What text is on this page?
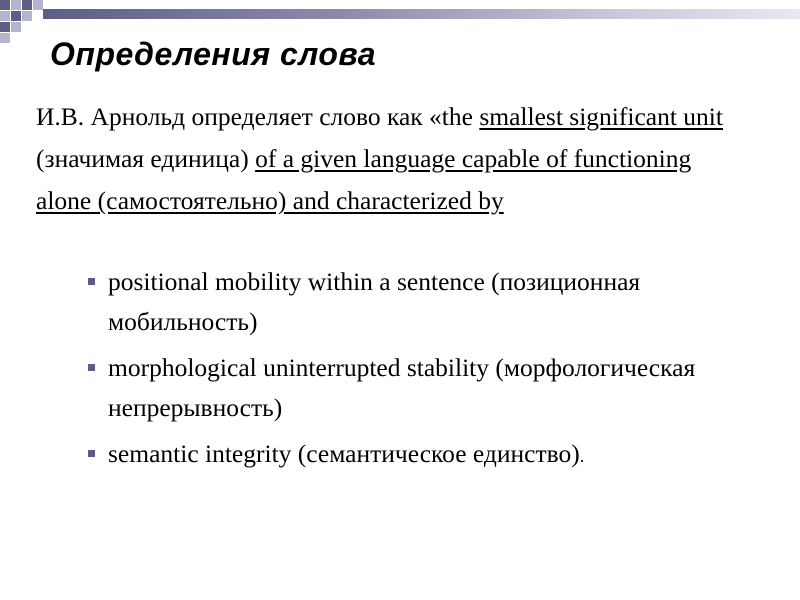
Определения слова
И.В. Арнольд определяет слово как «the smallest significant unit (значимая единица) of a given language capable of functioning alone (самостоятельно) and characterized by
positional mobility within a sentence (позиционная мобильность)
morphological uninterrupted stability (морфологическая непрерывность)
semantic integrity (семантическое единство).
